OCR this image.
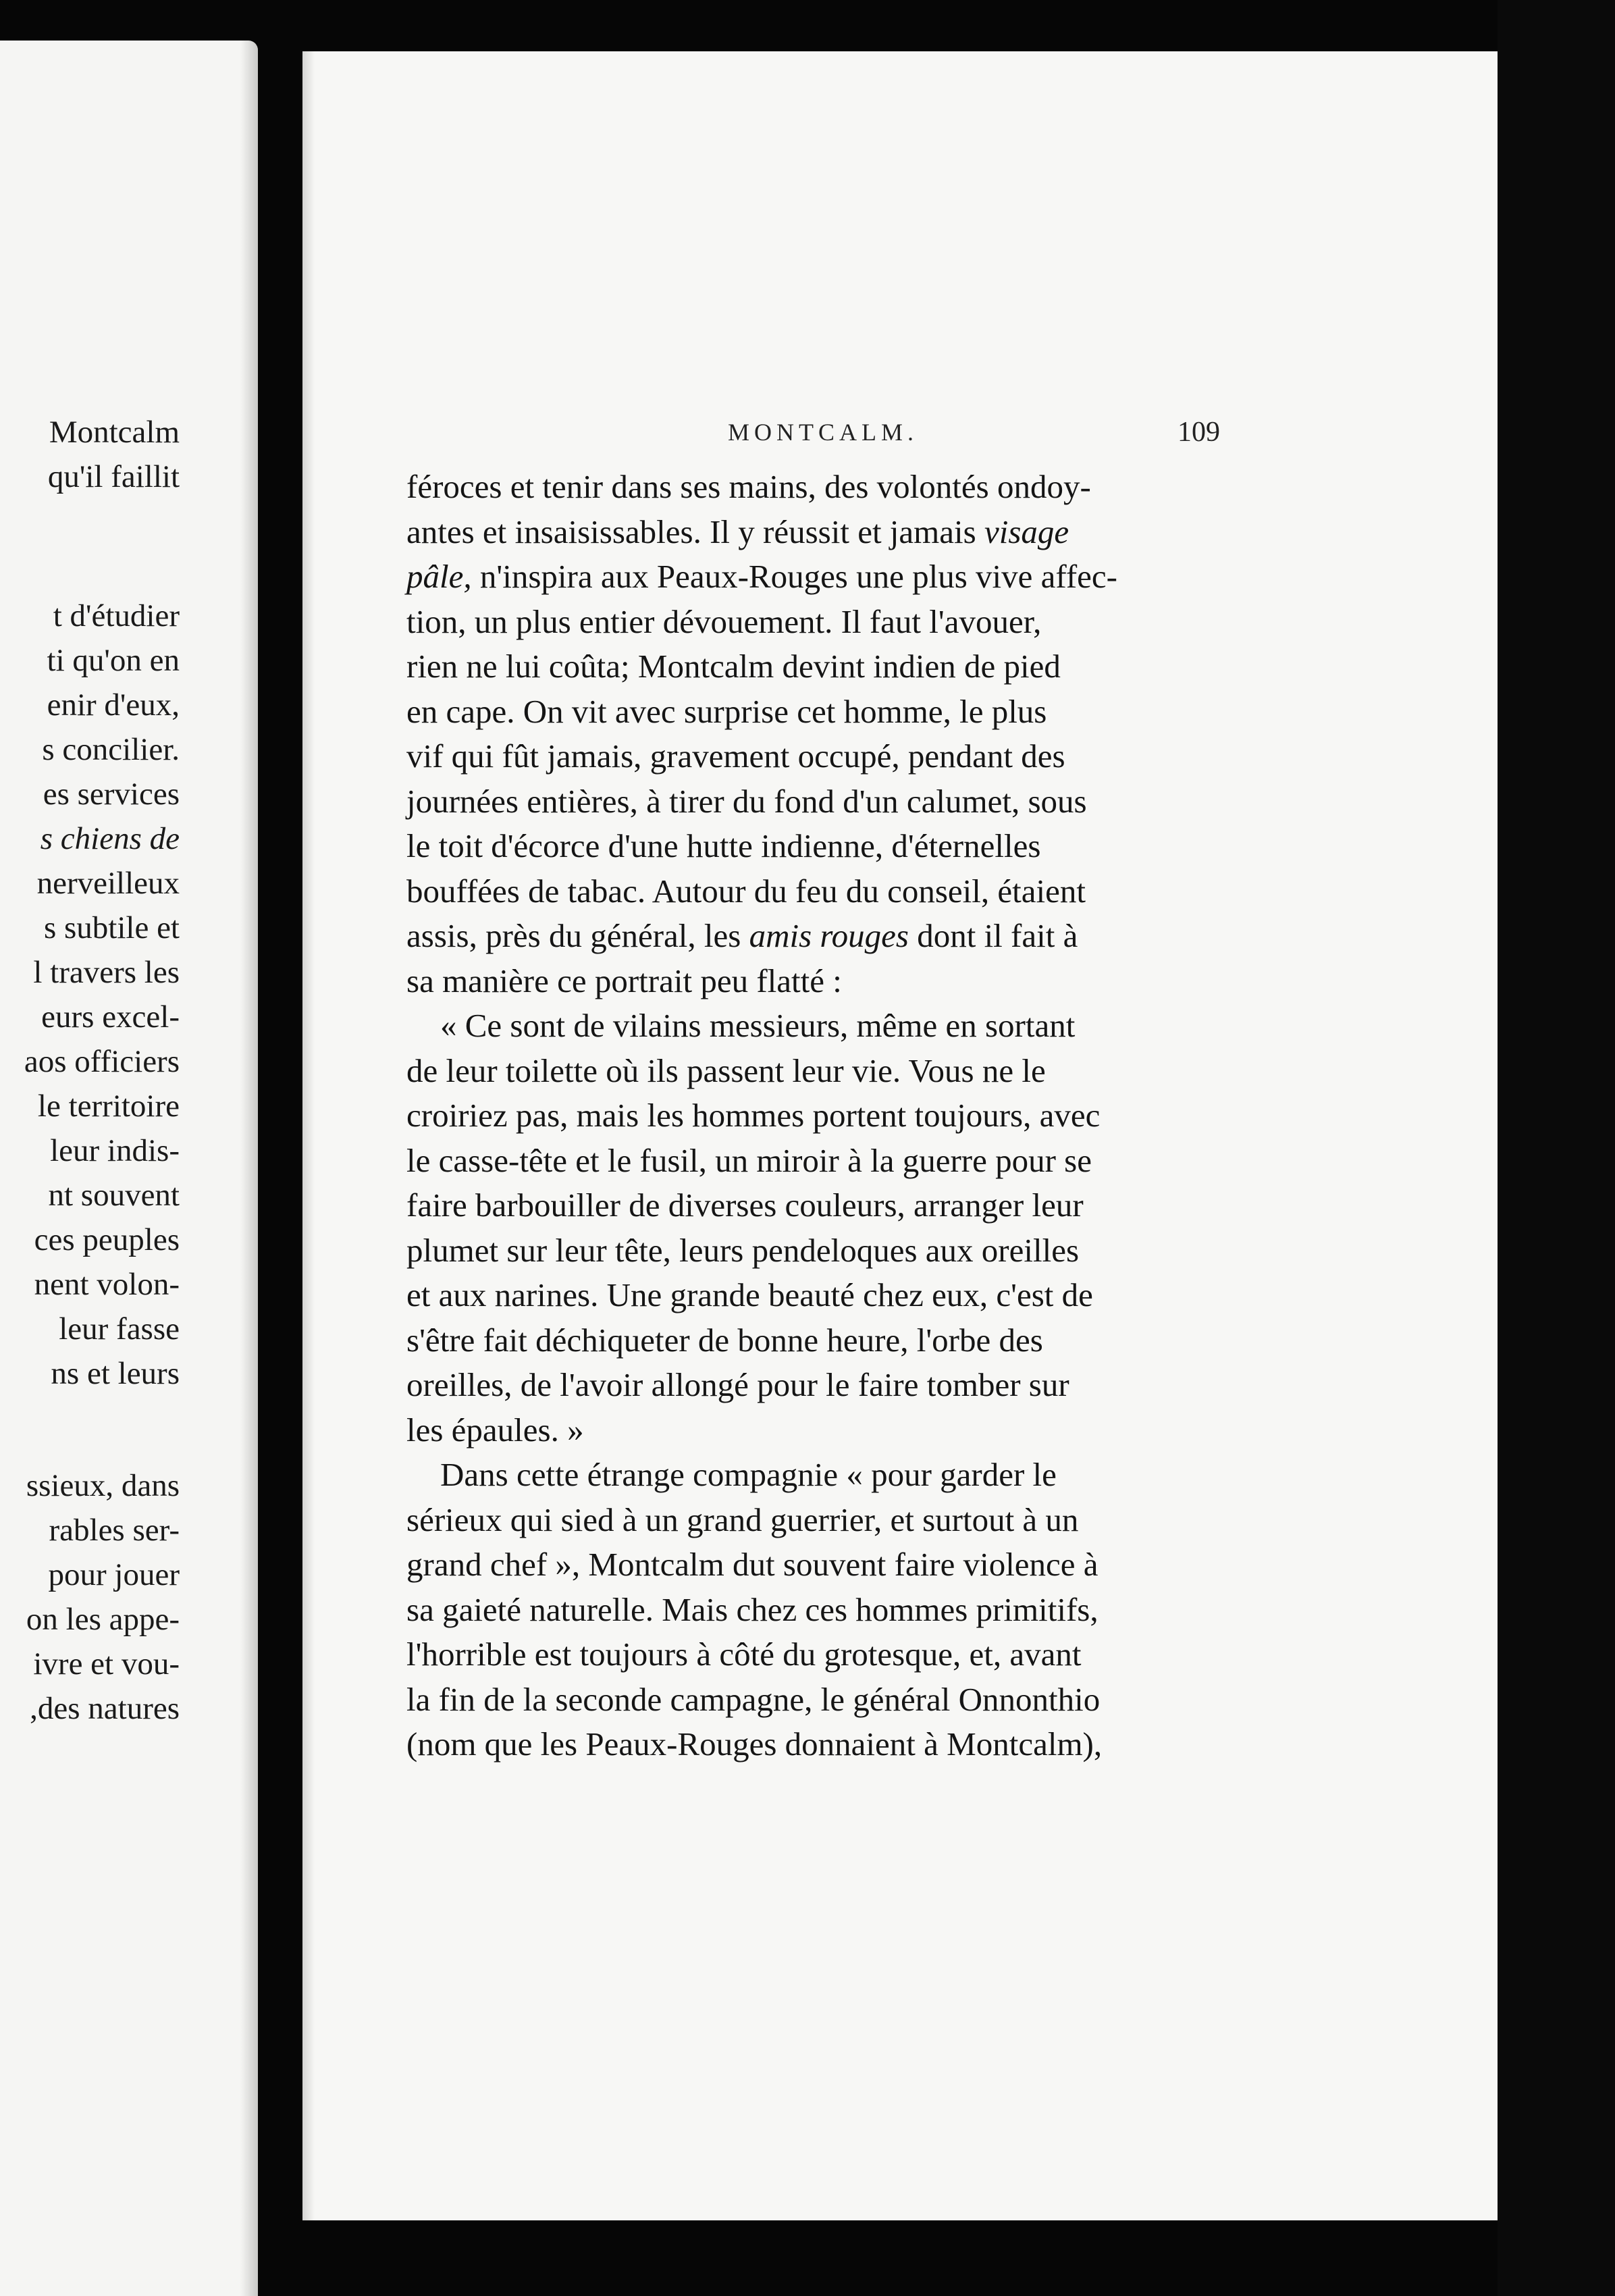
Montcalm

qu'il faillit

t d'étudier

ti qu'on en

enir d'eux,

s concilier.

es services

s chiens de

nerveilleux

s subtile et

l travers les

eurs excel-

aos officiers

le territoire

leur indis-

nt souvent

ces peuples

nent volon-

leur fasse

ns et leurs

ssieux, dans

rables ser-

pour jouer

on les appe-

ivre et vou-

,des natures

MONTCALM.	109
féroces et tenir dans ses mains, des volontés ondoy-
antes et insaisissables. Il y réussit et jamais visage
pâle, n'inspira aux Peaux-Rouges une plus vive affec-
tion, un plus entier dévouement. Il faut l'avouer,
rien ne lui coûta; Montcalm devint indien de pied
en cape. On vit avec surprise cet homme, le plus
vif qui fût jamais, gravement occupé, pendant des
journées entières, à tirer du fond d'un calumet, sous
le toit d'écorce d'une hutte indienne, d'éternelles
bouffées de tabac. Autour du feu du conseil, étaient
assis, près du général, les amis rouges dont il fait à
sa manière ce portrait peu flatté :
« Ce sont de vilains messieurs, même en sortant
de leur toilette où ils passent leur vie. Vous ne le
croiriez pas, mais les hommes portent toujours, avec
le casse-tête et le fusil, un miroir à la guerre pour se
faire barbouiller de diverses couleurs, arranger leur
plumet sur leur tête, leurs pendeloques aux oreilles
et aux narines. Une grande beauté chez eux, c'est de
s'être fait déchiqueter de bonne heure, l'orbe des
oreilles, de l'avoir allongé pour le faire tomber sur
les épaules. »
Dans cette étrange compagnie « pour garder le
sérieux qui sied à un grand guerrier, et surtout à un
grand chef », Montcalm dut souvent faire violence à
sa gaieté naturelle. Mais chez ces hommes primitifs,
l'horrible est toujours à côté du grotesque, et, avant
la fin de la seconde campagne, le général Onnonthio
(nom que les Peaux-Rouges donnaient à Montcalm),
